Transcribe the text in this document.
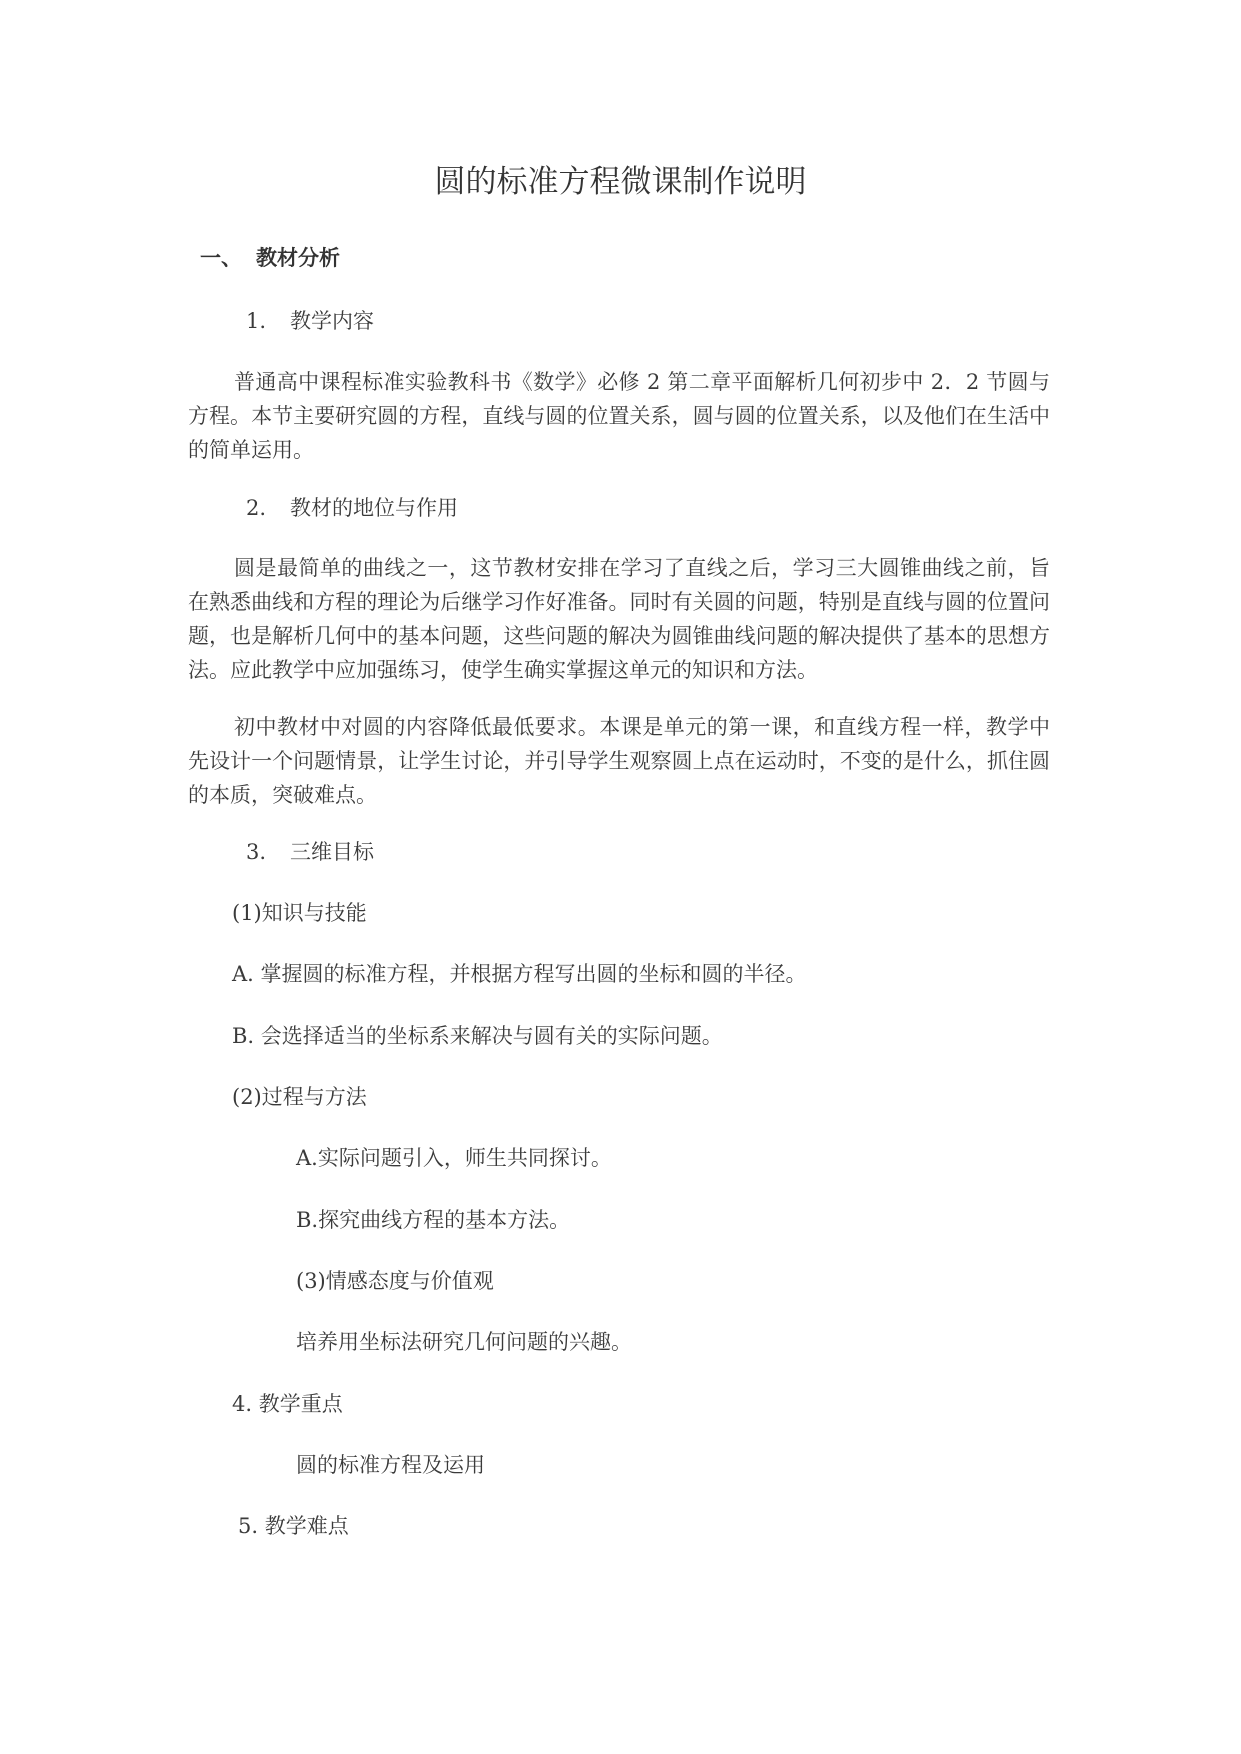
圆的标准方程微课制作说明
一、 教材分析
1. 教学内容
普通高中课程标准实验教科书《数学》必修 2 第二章平面解析几何初步中 2．2 节圆与方程。本节主要研究圆的方程，直线与圆的位置关系，圆与圆的位置关系，以及他们在生活中的简单运用。
2. 教材的地位与作用
圆是最简单的曲线之一，这节教材安排在学习了直线之后，学习三大圆锥曲线之前，旨在熟悉曲线和方程的理论为后继学习作好准备。同时有关圆的问题，特别是直线与圆的位置问题，也是解析几何中的基本问题，这些问题的解决为圆锥曲线问题的解决提供了基本的思想方法。应此教学中应加强练习，使学生确实掌握这单元的知识和方法。
初中教材中对圆的内容降低最低要求。本课是单元的第一课，和直线方程一样，教学中先设计一个问题情景，让学生讨论，并引导学生观察圆上点在运动时，不变的是什么，抓住圆的本质，突破难点。
3. 三维目标
(1)知识与技能
A. 掌握圆的标准方程，并根据方程写出圆的坐标和圆的半径。
B. 会选择适当的坐标系来解决与圆有关的实际问题。
(2)过程与方法
A.实际问题引入，师生共同探讨。
B.探究曲线方程的基本方法。
(3)情感态度与价值观
培养用坐标法研究几何问题的兴趣。
4. 教学重点
圆的标准方程及运用
5. 教学难点
